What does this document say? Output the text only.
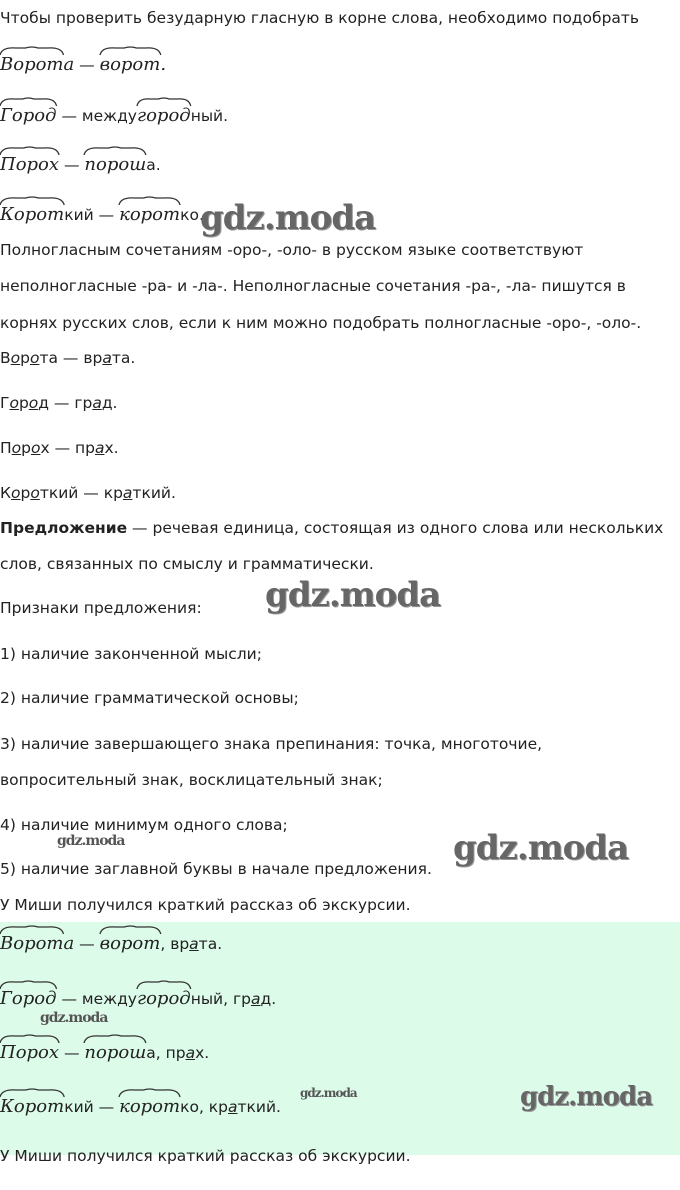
Чтобы проверить безударную гласную в корне слова, необходимо подобрать
Ворота —
ворот.
Город — между
городный.
Порох —
пороша.
Короткий —
коротко.
gdz.moda
Полногласным сочетаниям -оро-, -оло- в русском языке соответствуют
неполногласные -ра- и -ла-. Неполногласные сочетания -ра-, -ла- пишутся в
корнях русских слов, если к ним можно подобрать полногласные -оро-, -оло-.
Ворота — врата.
Город — град.
Порох — прах.
Короткий — краткий.
Предложение — речевая единица, состоящая из одного слова или нескольких
слов, связанных по смыслу и грамматически.
Признаки предложения: gdz.moda
1) наличие законченной мысли;
2) наличие грамматической основы;
3) наличие завершающего знака препинания: точка, многоточие,
вопросительный знак, восклицательный знак;
4) наличие минимум одного слова;
gdz.moda
5) наличие заглавной буквы в начале предложения.
gdz.moda
У Миши получился краткий рассказ об экскурсии.
Ворота —
ворот, врата.
Город — между
городный, град.
gdz.moda
Порох —
пороша, прах.
Короткий —
коротко, краткий.
gdz.moda	gdz.moda
У Миши получился краткий рассказ об экскурсии.
